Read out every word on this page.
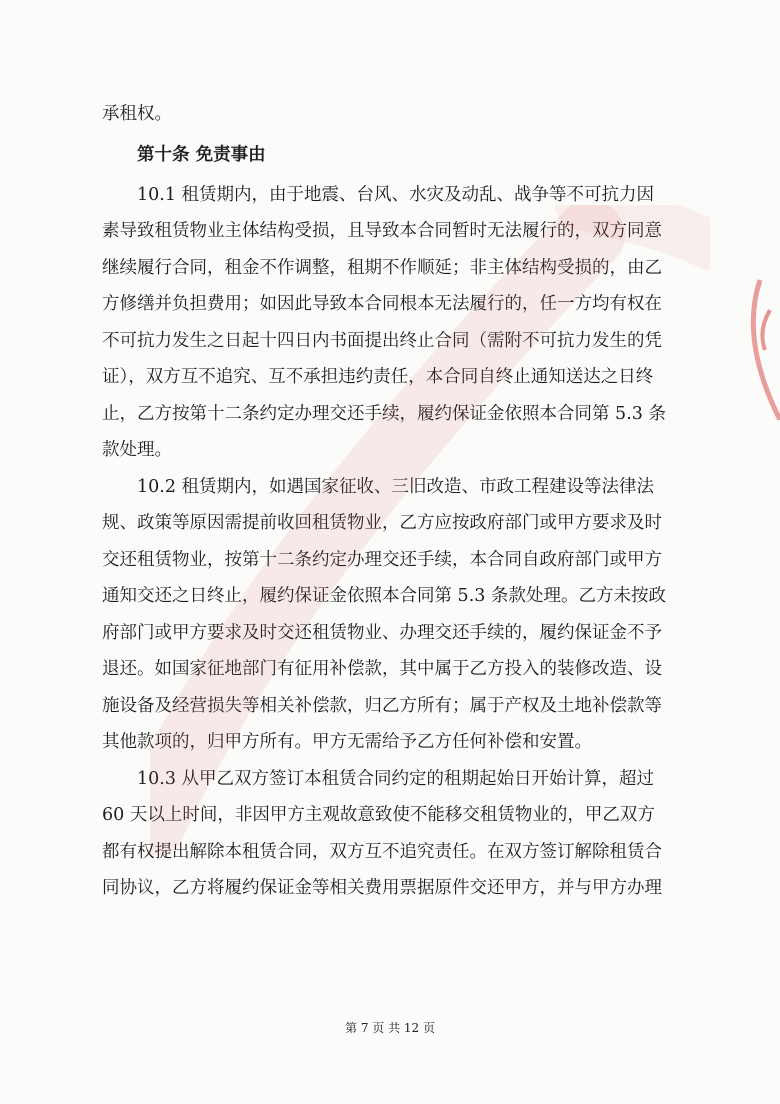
承租权。
第十条 免责事由
10.1 租赁期内，由于地震、台风、水灾及动乱、战争等不可抗力因
素导致租赁物业主体结构受损，且导致本合同暂时无法履行的，双方同意
继续履行合同，租金不作调整，租期不作顺延；非主体结构受损的，由乙
方修缮并负担费用；如因此导致本合同根本无法履行的，任一方均有权在
不可抗力发生之日起十四日内书面提出终止合同（需附不可抗力发生的凭
证），双方互不追究、互不承担违约责任，本合同自终止通知送达之日终
止，乙方按第十二条约定办理交还手续，履约保证金依照本合同第 5.3 条
款处理。
10.2 租赁期内，如遇国家征收、三旧改造、市政工程建设等法律法
规、政策等原因需提前收回租赁物业，乙方应按政府部门或甲方要求及时
交还租赁物业，按第十二条约定办理交还手续，本合同自政府部门或甲方
通知交还之日终止，履约保证金依照本合同第 5.3 条款处理。乙方未按政
府部门或甲方要求及时交还租赁物业、办理交还手续的，履约保证金不予
退还。如国家征地部门有征用补偿款，其中属于乙方投入的装修改造、设
施设备及经营损失等相关补偿款，归乙方所有；属于产权及土地补偿款等
其他款项的，归甲方所有。甲方无需给予乙方任何补偿和安置。
10.3 从甲乙双方签订本租赁合同约定的租期起始日开始计算，超过
60 天以上时间，非因甲方主观故意致使不能移交租赁物业的，甲乙双方
都有权提出解除本租赁合同，双方互不追究责任。在双方签订解除租赁合
同协议，乙方将履约保证金等相关费用票据原件交还甲方，并与甲方办理
第 7 页 共 12 页
